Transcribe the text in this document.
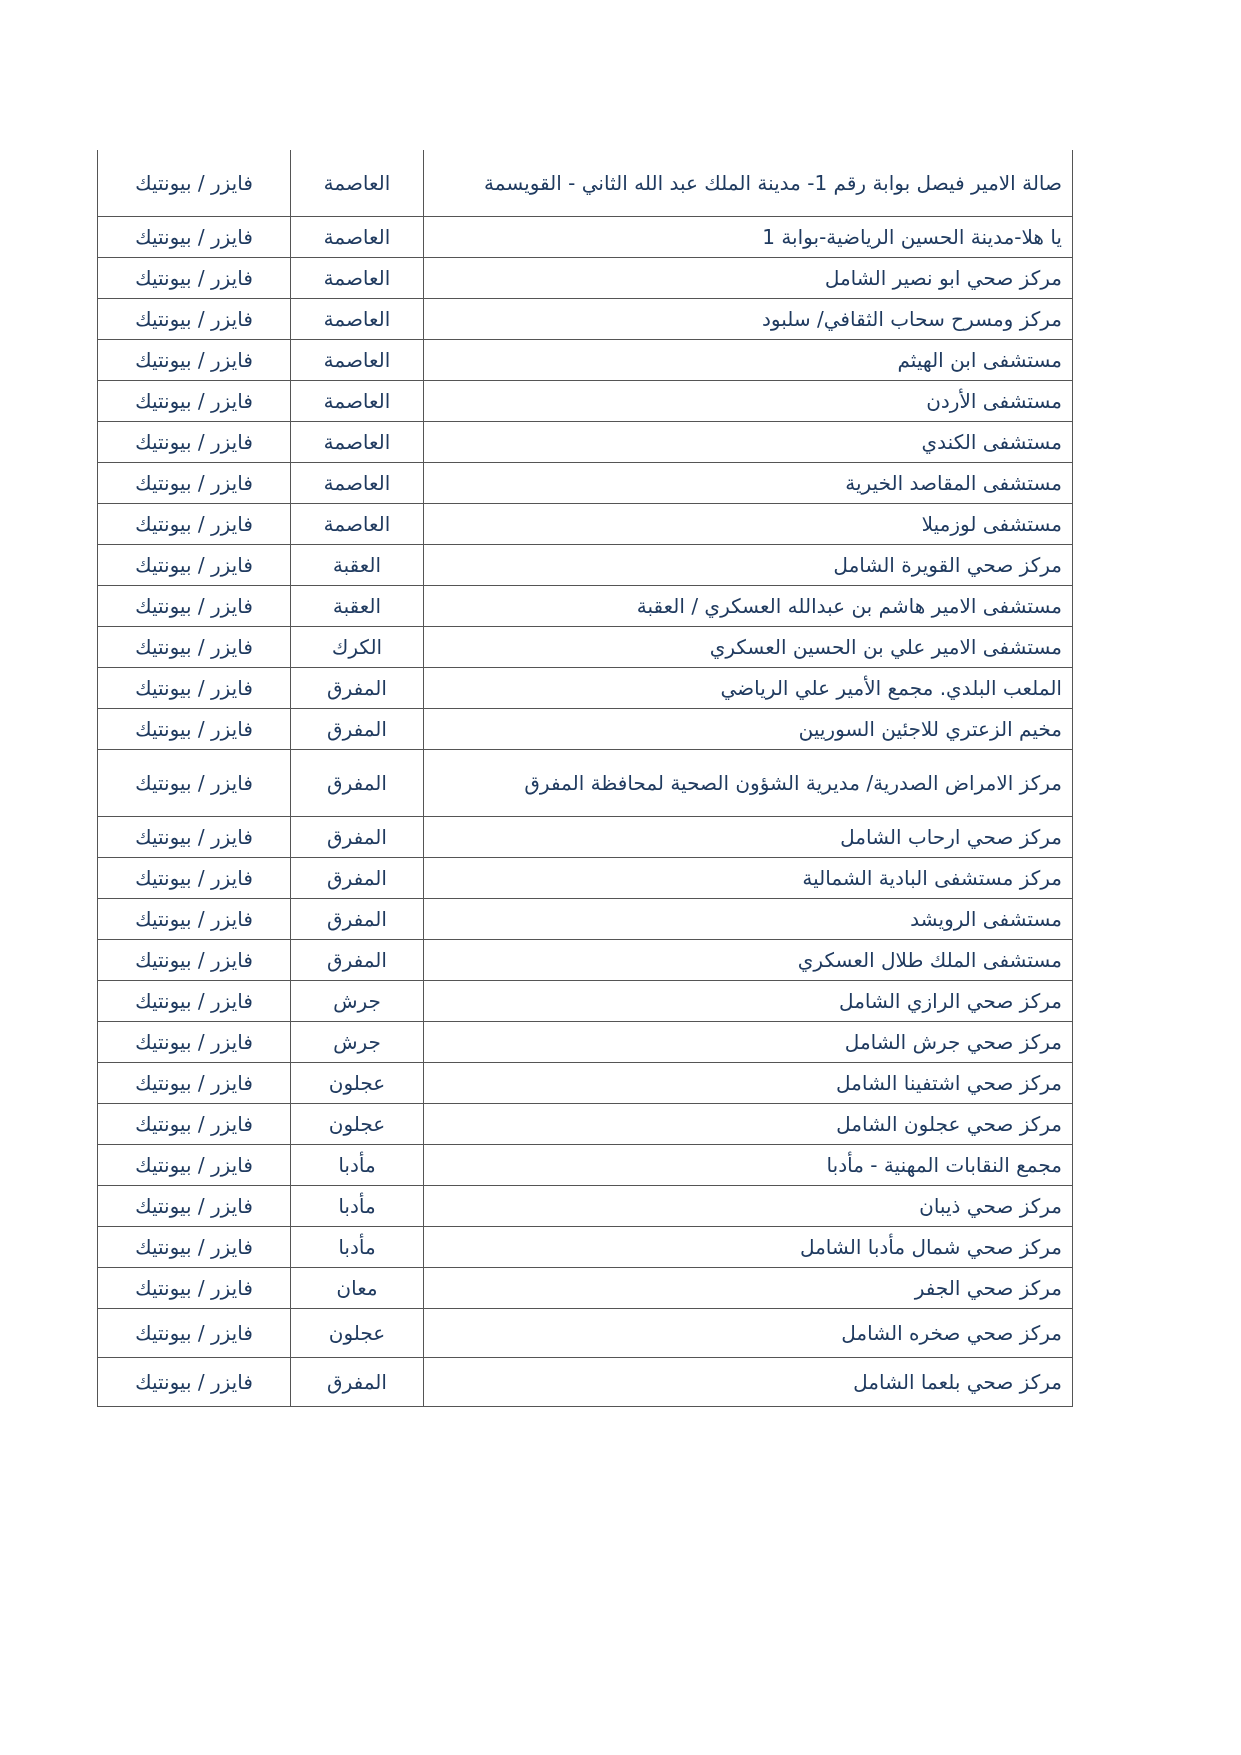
صالة الامير فيصل بوابة رقم 1- مدينة الملك عبد الله الثاني - القويسمة	العاصمة	فايزر / بيونتيك
يا هلا-مدينة الحسين الرياضية-بوابة 1	العاصمة	فايزر / بيونتيك
مركز صحي ابو نصير الشامل	العاصمة	فايزر / بيونتيك
مركز ومسرح سحاب الثقافي/ سلبود	العاصمة	فايزر / بيونتيك
مستشفى ابن الهيثم	العاصمة	فايزر / بيونتيك
مستشفى الأردن	العاصمة	فايزر / بيونتيك
مستشفى الكندي	العاصمة	فايزر / بيونتيك
مستشفى المقاصد الخيرية	العاصمة	فايزر / بيونتيك
مستشفى لوزميلا	العاصمة	فايزر / بيونتيك
مركز صحي القويرة الشامل	العقبة	فايزر / بيونتيك
مستشفى الامير هاشم بن عبدالله العسكري / العقبة	العقبة	فايزر / بيونتيك
مستشفى الامير علي بن الحسين العسكري	الكرك	فايزر / بيونتيك
الملعب البلدي. مجمع الأمير علي الرياضي	المفرق	فايزر / بيونتيك
مخيم الزعتري للاجئين السوريين	المفرق	فايزر / بيونتيك
مركز الامراض الصدرية/ مديرية الشؤون الصحية لمحافظة المفرق	المفرق	فايزر / بيونتيك
مركز صحي ارحاب الشامل	المفرق	فايزر / بيونتيك
مركز مستشفى البادية الشمالية	المفرق	فايزر / بيونتيك
مستشفى الرويشد	المفرق	فايزر / بيونتيك
مستشفى الملك طلال العسكري	المفرق	فايزر / بيونتيك
مركز صحي الرازي الشامل	جرش	فايزر / بيونتيك
مركز صحي جرش الشامل	جرش	فايزر / بيونتيك
مركز صحي اشتفينا الشامل	عجلون	فايزر / بيونتيك
مركز صحي عجلون الشامل	عجلون	فايزر / بيونتيك
مجمع النقابات المهنية - مأدبا	مأدبا	فايزر / بيونتيك
مركز صحي ذيبان	مأدبا	فايزر / بيونتيك
مركز صحي شمال مأدبا الشامل	مأدبا	فايزر / بيونتيك
مركز صحي الجفر	معان	فايزر / بيونتيك
مركز صحي صخره الشامل	عجلون	فايزر / بيونتيك
مركز صحي بلعما الشامل	المفرق	فايزر / بيونتيك
